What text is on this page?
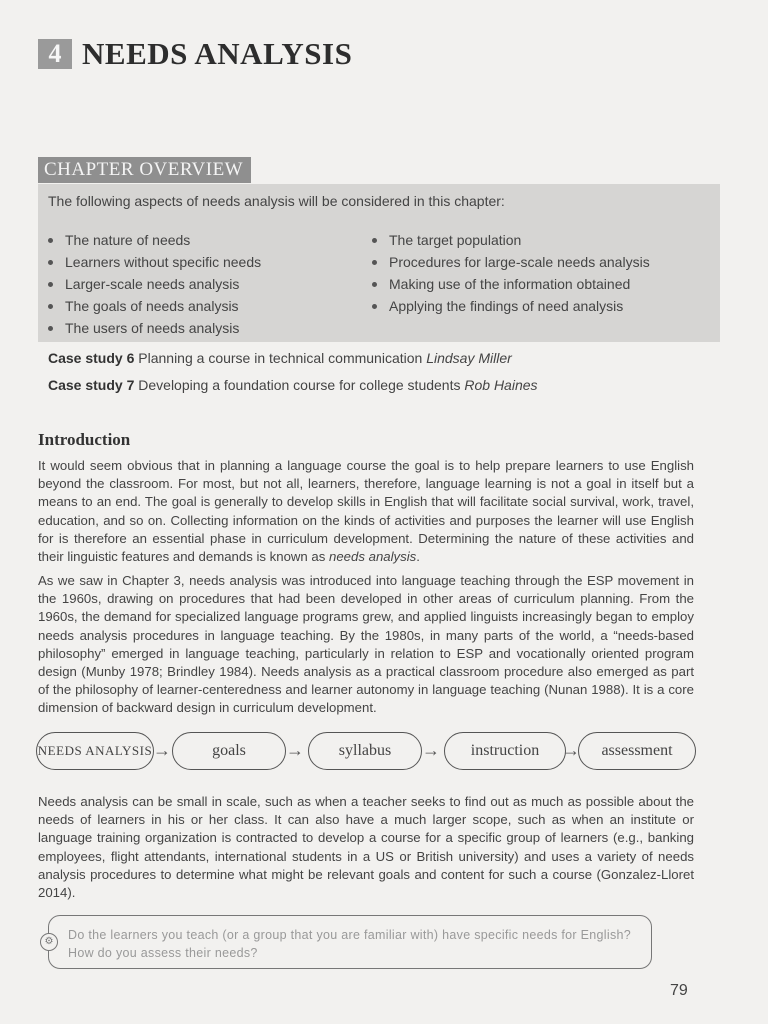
4 NEEDS ANALYSIS
CHAPTER OVERVIEW
The following aspects of needs analysis will be considered in this chapter:
The nature of needs
Learners without specific needs
Larger-scale needs analysis
The goals of needs analysis
The users of needs analysis
The target population
Procedures for large-scale needs analysis
Making use of the information obtained
Applying the findings of need analysis
Case study 6 Planning a course in technical communication Lindsay Miller
Case study 7 Developing a foundation course for college students Rob Haines
Introduction

It would seem obvious that in planning a language course the goal is to help prepare learners to use English beyond the classroom. For most, but not all, learners, therefore, language learning is not a goal in itself but a means to an end. The goal is generally to develop skills in English that will facilitate social survival, work, travel, education, and so on. Collecting information on the kinds of activities and purposes the learner will use English for is therefore an essential phase in curriculum development. Determining the nature of these activities and their linguistic features and demands is known as needs analysis.

As we saw in Chapter 3, needs analysis was introduced into language teaching through the ESP movement in the 1960s, drawing on procedures that had been developed in other areas of curriculum planning. From the 1960s, the demand for specialized language programs grew, and applied linguists increasingly began to employ needs analysis procedures in language teaching. By the 1980s, in many parts of the world, a “needs-based philosophy” emerged in language teaching, particularly in relation to ESP and vocationally oriented program design (Munby 1978; Brindley 1984). Needs analysis as a practical classroom procedure also emerged as part of the philosophy of learner-centeredness and learner autonomy in language teaching (Nunan 1988). It is a core dimension of backward design in curriculum development.

NEEDS ANALYSIS →	goals	→	syllabus	→	instruction	→	assessment

Needs analysis can be small in scale, such as when a teacher seeks to find out as much as possible about the needs of learners in his or her class. It can also have a much larger scope, such as when an institute or language training organization is contracted to develop a course for a specific group of learners (e.g., banking employees, flight attendants, international students in a US or British university) and uses a variety of needs analysis procedures to determine what might be relevant goals and content for such a course (Gonzalez-Lloret 2014).

⚙	Do the learners you teach (or a group that you are familiar with) have specific needs for English? How do you assess their needs?
79
